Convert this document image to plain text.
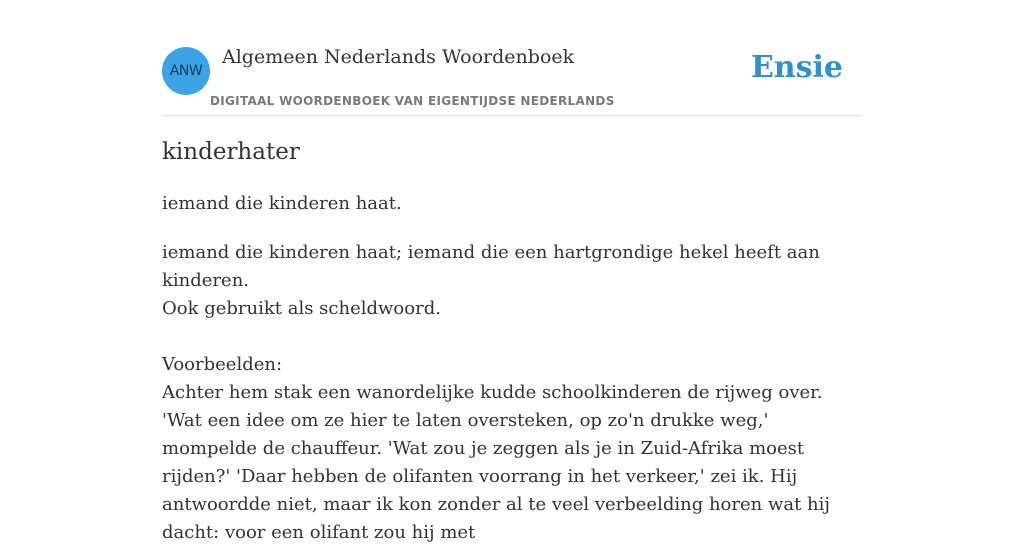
ANW
Algemeen Nederlands Woordenboek
DIGITAAL WOORDENBOEK VAN EIGENTIJDSE NEDERLANDS
Ensie
kinderhater
iemand die kinderen haat.

iemand die kinderen haat; iemand die een hartgrondige hekel heeft aan kinderen.

Ook gebruikt als scheldwoord.

Voorbeelden:

Achter hem stak een wanordelijke kudde schoolkinderen de rijweg over. 'Wat een idee om ze hier te laten oversteken, op zo'n drukke weg,' mompelde de chauffeur. 'Wat zou je zeggen als je in Zuid-Afrika moest rijden?' 'Daar hebben de olifanten voorrang in het verkeer,' zei ik. Hij antwoordde niet, maar ik kon zonder al te veel verbeelding horen wat hij dacht: voor een olifant zou hij met
